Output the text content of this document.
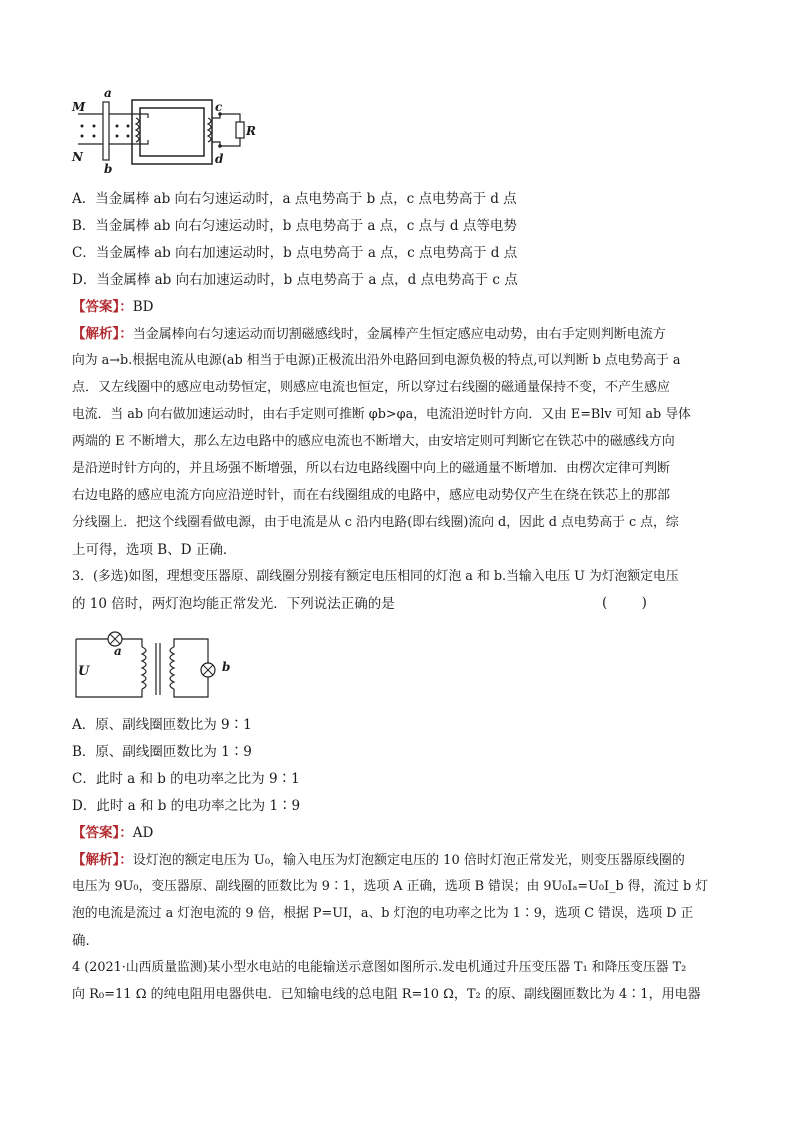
M
N
a
b
c
d
R
A．当金属棒 ab 向右匀速运动时，a 点电势高于 b 点，c 点电势高于 d 点
B．当金属棒 ab 向右匀速运动时，b 点电势高于 a 点，c 点与 d 点等电势
C．当金属棒 ab 向右加速运动时，b 点电势高于 a 点，c 点电势高于 d 点
D．当金属棒 ab 向右加速运动时，b 点电势高于 a 点，d 点电势高于 c 点
【答案】：BD
【解析】：当金属棒向右匀速运动而切割磁感线时，金属棒产生恒定感应电动势，由右手定则判断电流方
向为 a→b.根据电流从电源(ab 相当于电源)正极流出沿外电路回到电源负极的特点,可以判断 b 点电势高于 a
点．又左线圈中的感应电动势恒定，则感应电流也恒定，所以穿过右线圈的磁通量保持不变，不产生感应
电流．当 ab 向右做加速运动时，由右手定则可推断 φb>φa，电流沿逆时针方向．又由 E=Blv 可知 ab 导体
两端的 E 不断增大，那么左边电路中的感应电流也不断增大，由安培定则可判断它在铁芯中的磁感线方向
是沿逆时针方向的，并且场强不断增强，所以右边电路线圈中向上的磁通量不断增加．由楞次定律可判断
右边电路的感应电流方向应沿逆时针，而在右线圈组成的电路中，感应电动势仅产生在绕在铁芯上的那部
分线圈上．把这个线圈看做电源，由于电流是从 c 沿内电路(即右线圈)流向 d，因此 d 点电势高于 c 点，综
上可得，选项 B、D 正确．
3．(多选)如图，理想变压器原、副线圈分别接有额定电压相同的灯泡 a 和 b.当输入电压 U 为灯泡额定电压
的 10 倍时，两灯泡均能正常发光．下列说法正确的是	(        )
U
a
b
A．原、副线圈匝数比为 9∶1
B．原、副线圈匝数比为 1∶9
C．此时 a 和 b 的电功率之比为 9∶1
D．此时 a 和 b 的电功率之比为 1∶9
【答案】：AD
【解析】：设灯泡的额定电压为 U₀，输入电压为灯泡额定电压的 10 倍时灯泡正常发光，则变压器原线圈的
电压为 9U₀，变压器原、副线圈的匝数比为 9∶1，选项 A 正确，选项 B 错误；由 9U₀Iₐ=U₀I_b 得，流过 b 灯
泡的电流是流过 a 灯泡电流的 9 倍，根据 P=UI，a、b 灯泡的电功率之比为 1∶9，选项 C 错误，选项 D 正
确．
4 (2021·山西质量监测)某小型水电站的电能输送示意图如图所示.发电机通过升压变压器 T₁ 和降压变压器 T₂
向 R₀=11 Ω 的纯电阻用电器供电．已知输电线的总电阻 R=10 Ω，T₂ 的原、副线圈匝数比为 4∶1，用电器
